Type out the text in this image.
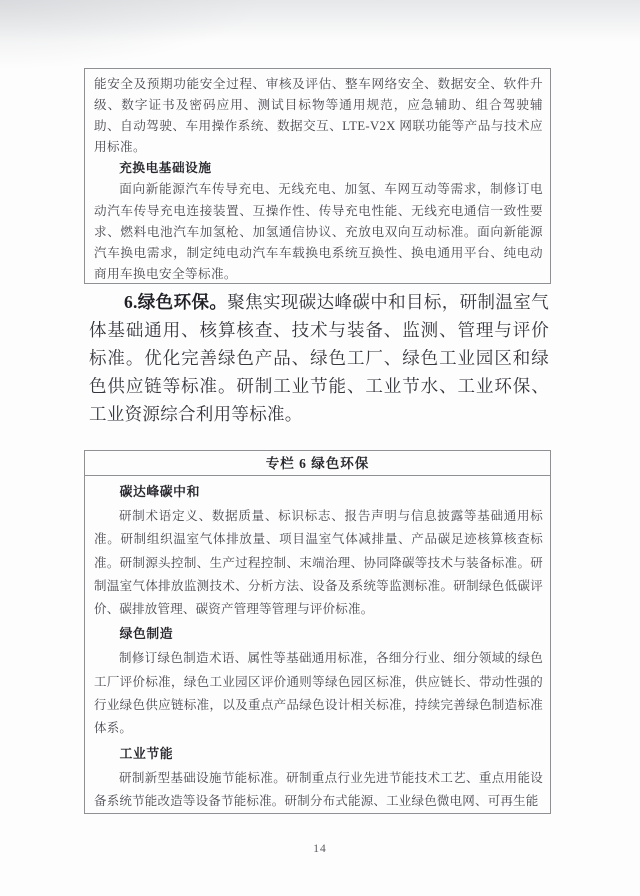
能安全及预期功能安全过程、审核及评估、整车网络安全、数据安全、软件升级、数字证书及密码应用、测试目标物等通用规范，应急辅助、组合驾驶辅助、自动驾驶、车用操作系统、数据交互、LTE-V2X 网联功能等产品与技术应用标准。

充换电基础设施

面向新能源汽车传导充电、无线充电、加氢、车网互动等需求，制修订电动汽车传导充电连接装置、互操作性、传导充电性能、无线充电通信一致性要求、燃料电池汽车加氢枪、加氢通信协议、充放电双向互动标准。面向新能源汽车换电需求，制定纯电动汽车车载换电系统互换性、换电通用平台、纯电动商用车换电安全等标准。

6.绿色环保。聚焦实现碳达峰碳中和目标，研制温室气体基础通用、核算核查、技术与装备、监测、管理与评价标准。优化完善绿色产品、绿色工厂、绿色工业园区和绿色供应链等标准。研制工业节能、工业节水、工业环保、工业资源综合利用等标准。

专栏 6 绿色环保
碳达峰碳中和

研制术语定义、数据质量、标识标志、报告声明与信息披露等基础通用标准。研制组织温室气体排放量、项目温室气体减排量、产品碳足迹核算核查标准。研制源头控制、生产过程控制、末端治理、协同降碳等技术与装备标准。研制温室气体排放监测技术、分析方法、设备及系统等监测标准。研制绿色低碳评价、碳排放管理、碳资产管理等管理与评价标准。

绿色制造

制修订绿色制造术语、属性等基础通用标准，各细分行业、细分领域的绿色工厂评价标准，绿色工业园区评价通则等绿色园区标准，供应链长、带动性强的行业绿色供应链标准，以及重点产品绿色设计相关标准，持续完善绿色制造标准体系。

工业节能

研制新型基础设施节能标准。研制重点行业先进节能技术工艺、重点用能设备系统节能改造等设备节能标准。研制分布式能源、工业绿色微电网、可再生能

14
